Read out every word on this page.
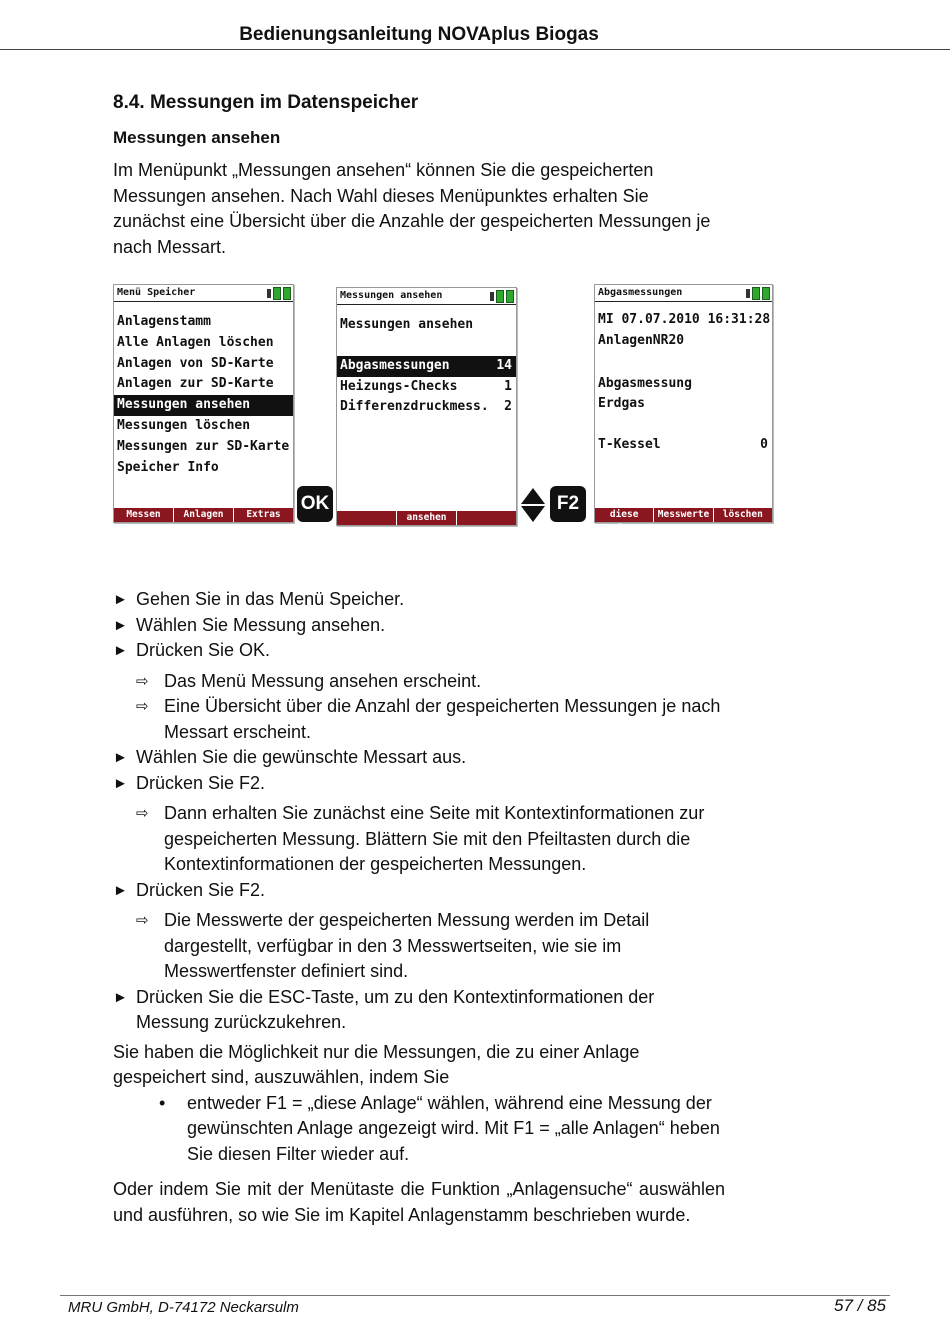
Bedienungsanleitung NOVAplus Biogas
8.4. Messungen im Datenspeicher
Messungen ansehen

Im Menüpunkt „Messungen ansehen“ können Sie die gespeicherten Messungen ansehen. Nach Wahl dieses Menüpunktes erhalten Sie zunächst eine Übersicht über die Anzahle der gespeicherten Messungen je nach Messart.

Menü Speicher
Anlagenstamm
Alle Anlagen löschen
Anlagen von SD-Karte
Anlagen zur SD-Karte
Messungen ansehen
Messungen löschen
Messungen zur SD-Karte
Speicher Info
Messen	Anlagen	Extras
OK
Messungen ansehen
Messungen ansehen
Abgasmessungen	14
Heizungs-Checks	1
Differenzdruckmess. 2
ansehen
F2
Abgasmessungen
MI 07.07.2010 16:31:28
AnlagenNR20
Abgasmessung
Erdgas
T-Kessel	0
diese Anlage
Messwerte	löschen
► Gehen Sie in das Menü Speicher.
► Wählen Sie Messung ansehen.
► Drücken Sie OK.
⇨ Das Menü Messung ansehen erscheint.
⇨ Eine Übersicht über die Anzahl der gespeicherten Messungen je nach Messart erscheint.
► Wählen Sie die gewünschte Messart aus.
► Drücken Sie F2.
⇨ Dann erhalten Sie zunächst eine Seite mit Kontextinformationen zur gespeicherten Messung. Blättern Sie mit den Pfeiltasten durch die Kontextinformationen der gespeicherten Messungen.
► Drücken Sie F2.
⇨ Die Messwerte der gespeicherten Messung werden im Detail dargestellt, verfügbar in den 3 Messwertseiten, wie sie im Messwertfenster definiert sind.
► Drücken Sie die ESC-Taste, um zu den Kontextinformationen der Messung zurückzukehren.

Sie haben die Möglichkeit nur die Messungen, die zu einer Anlage gespeichert sind, auszuwählen, indem Sie

• entweder F1 = „diese Anlage“ wählen, während eine Messung der gewünschten Anlage angezeigt wird. Mit F1 = „alle Anlagen“ heben Sie diesen Filter wieder auf.

Oder indem Sie mit der Menütaste die Funktion „Anlagensuche“ auswählen und ausführen, so wie Sie im Kapitel Anlagenstamm beschrieben wurde.

MRU GmbH, D-74172 Neckarsulm	57 / 85
